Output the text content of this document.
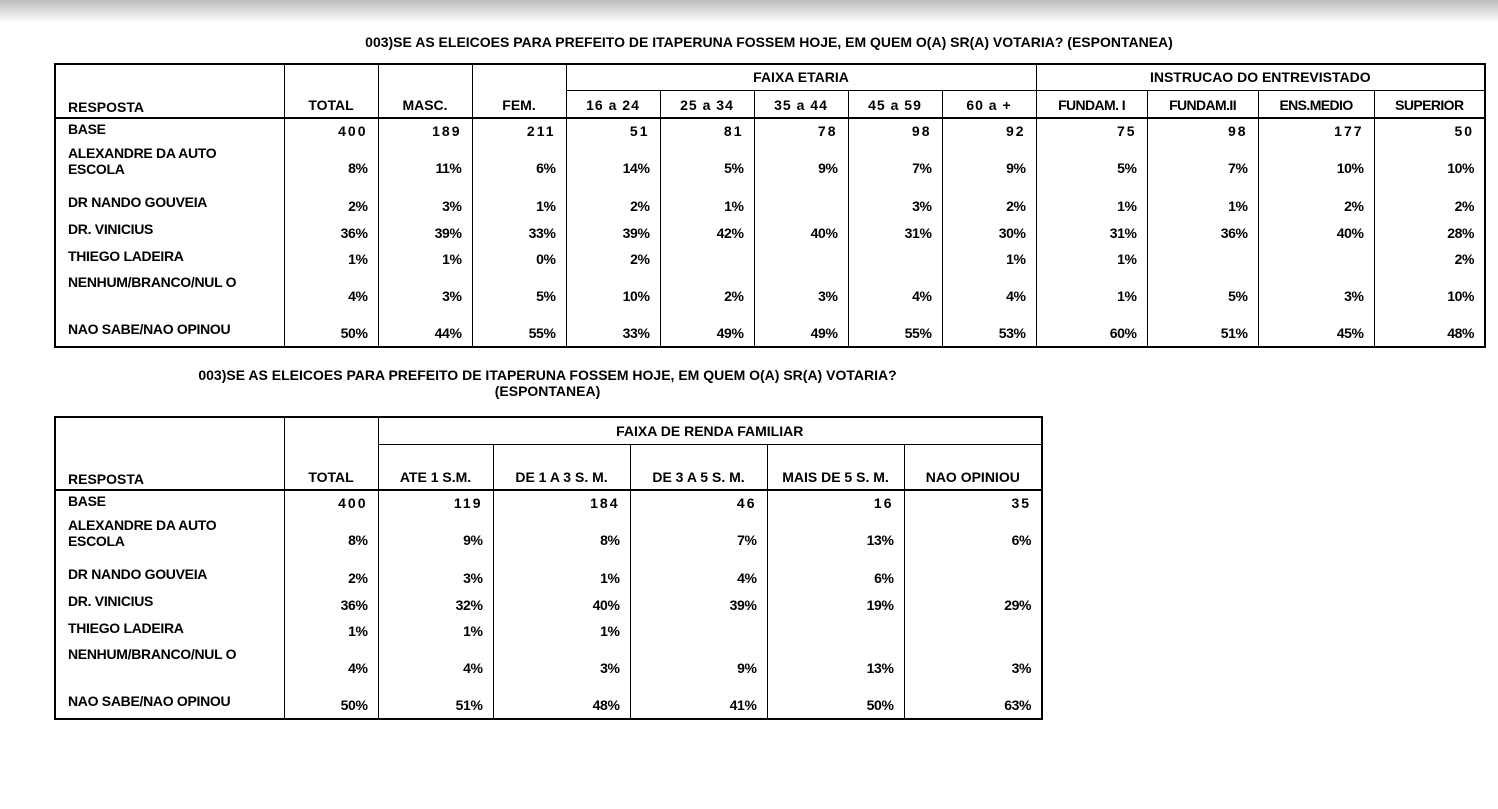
003)SE AS ELEICOES PARA PREFEITO DE ITAPERUNA FOSSEM HOJE, EM QUEM O(A) SR(A) VOTARIA? (ESPONTANEA)
RESPOSTA	TOTAL	MASC.	FEM.	FAIXA ETARIA					INSTRUCAO DO ENTREVISTADO			
				16 a 24	25 a 34	35 a 44	45 a 59	60 a +	FUNDAM. I	FUNDAM.II	ENS.MEDIO	SUPERIOR
BASE	400	189	211	51	81	78	98	92	75	98	177	50
ALEXANDRE DA AUTO ESCOLA	8%	11%	6%	14%	5%	9%	7%	9%	5%	7%	10%	10%
DR NANDO GOUVEIA	2%	3%	1%	2%	1%		3%	2%	1%	1%	2%	2%
DR. VINICIUS	36%	39%	33%	39%	42%	40%	31%	30%	31%	36%	40%	28%
THIEGO LADEIRA	1%	1%	0%	2%				1%	1%			2%
NENHUM/BRANCO/NUL O	4%	3%	5%	10%	2%	3%	4%	4%	1%	5%	3%	10%
NAO SABE/NAO OPINOU	50%	44%	55%	33%	49%	49%	55%	53%	60%	51%	45%	48%
003)SE AS ELEICOES PARA PREFEITO DE ITAPERUNA FOSSEM HOJE, EM QUEM O(A) SR(A) VOTARIA?
(ESPONTANEA)
RESPOSTA	TOTAL	FAIXA DE RENDA FAMILIAR				
		ATE 1 S.M.	DE 1 A 3 S. M.	DE 3 A 5 S. M.	MAIS DE 5 S. M.	NAO OPINIOU
BASE	400	119	184	46	16	35
ALEXANDRE DA AUTO ESCOLA	8%	9%	8%	7%	13%	6%
DR NANDO GOUVEIA	2%	3%	1%	4%	6%	
DR. VINICIUS	36%	32%	40%	39%	19%	29%
THIEGO LADEIRA	1%	1%	1%			
NENHUM/BRANCO/NUL O	4%	4%	3%	9%	13%	3%
NAO SABE/NAO OPINOU	50%	51%	48%	41%	50%	63%
